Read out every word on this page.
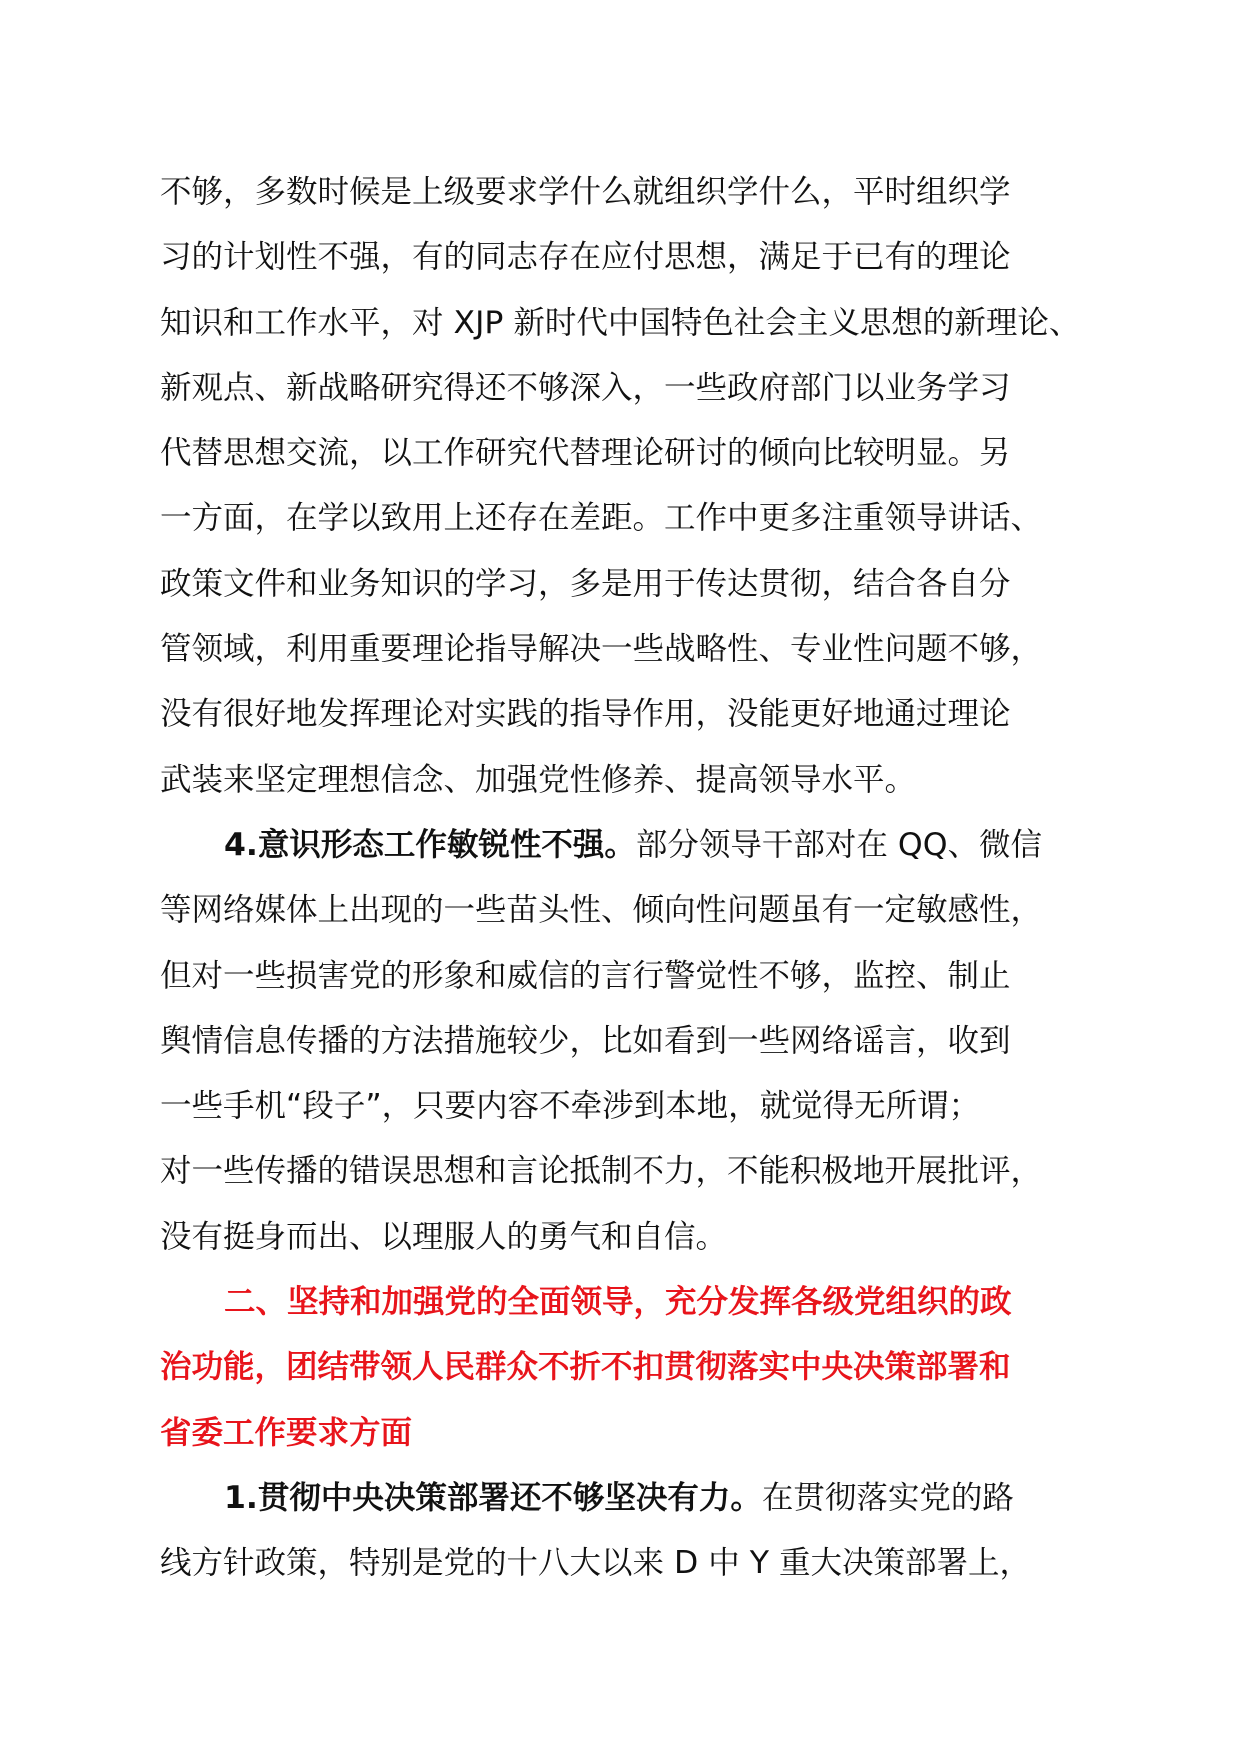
不够，多数时候是上级要求学什么就组织学什么，平时组织学
习的计划性不强，有的同志存在应付思想，满足于已有的理论
知识和工作水平，对 XJP 新时代中国特色社会主义思想的新理论、
新观点、新战略研究得还不够深入，一些政府部门以业务学习
代替思想交流，以工作研究代替理论研讨的倾向比较明显。另
一方面，在学以致用上还存在差距。工作中更多注重领导讲话、
政策文件和业务知识的学习，多是用于传达贯彻，结合各自分
管领域，利用重要理论指导解决一些战略性、专业性问题不够，
没有很好地发挥理论对实践的指导作用，没能更好地通过理论
武装来坚定理想信念、加强党性修养、提高领导水平。
4.意识形态工作敏锐性不强。部分领导干部对在 QQ、微信
等网络媒体上出现的一些苗头性、倾向性问题虽有一定敏感性，
但对一些损害党的形象和威信的言行警觉性不够，监控、制止
舆情信息传播的方法措施较少，比如看到一些网络谣言，收到
一些手机“段子”，只要内容不牵涉到本地，就觉得无所谓；
对一些传播的错误思想和言论抵制不力，不能积极地开展批评，
没有挺身而出、以理服人的勇气和自信。
二、坚持和加强党的全面领导，充分发挥各级党组织的政
治功能，团结带领人民群众不折不扣贯彻落实中央决策部署和
省委工作要求方面
1.贯彻中央决策部署还不够坚决有力。在贯彻落实党的路
线方针政策，特别是党的十八大以来 D 中 Y 重大决策部署上，
